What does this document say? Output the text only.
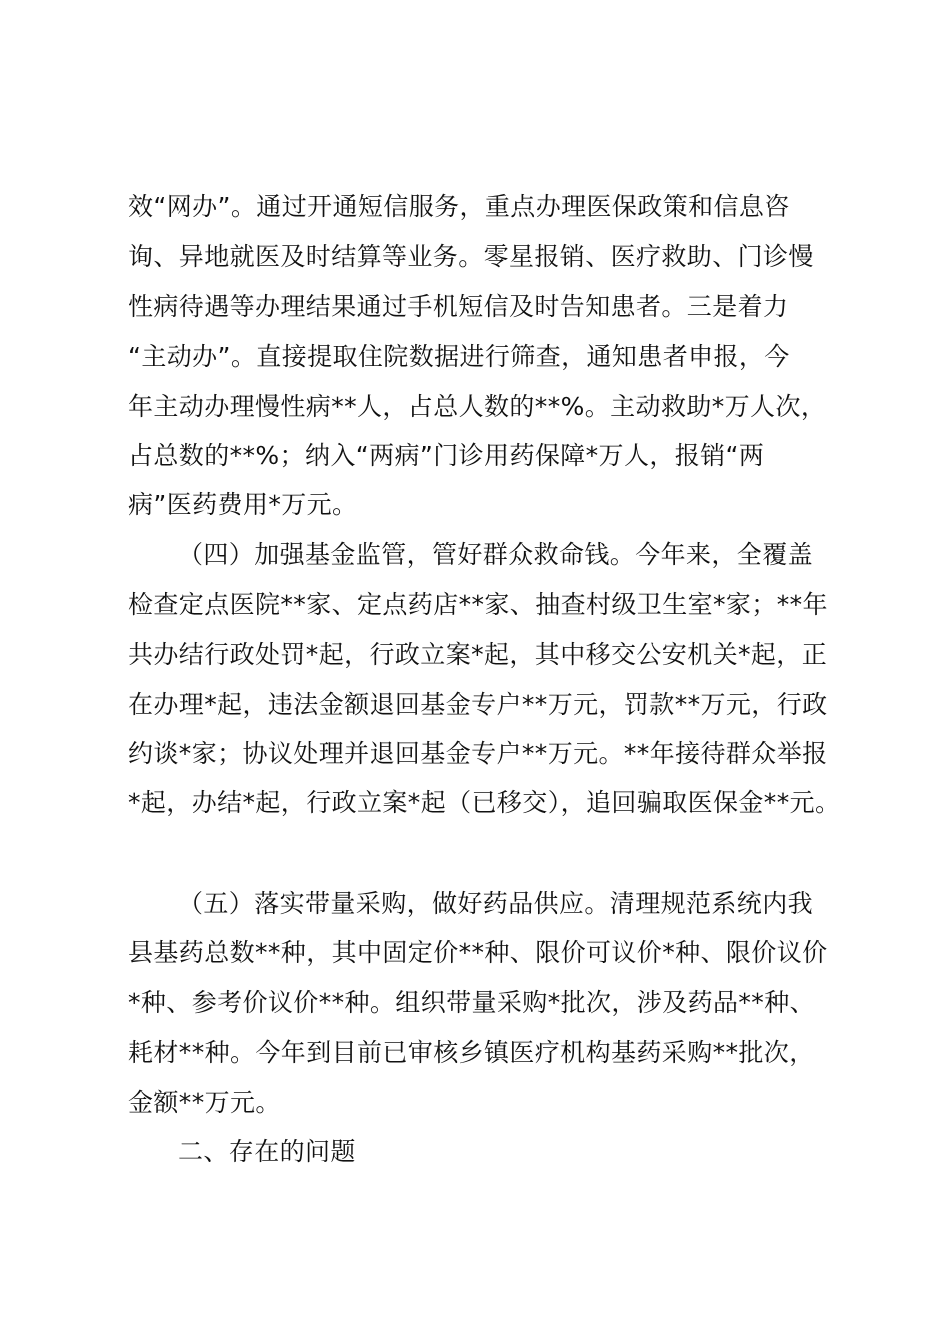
效“网办”。通过开通短信服务，重点办理医保政策和信息咨
询、异地就医及时结算等业务。零星报销、医疗救助、门诊慢
性病待遇等办理结果通过手机短信及时告知患者。三是着力
“主动办”。直接提取住院数据进行筛查，通知患者申报，今
年主动办理慢性病**人，占总人数的**%。主动救助*万人次，
占总数的**%；纳入“两病”门诊用药保障*万人，报销“两
病”医药费用*万元。
（四）加强基金监管，管好群众救命钱。今年来，全覆盖
检查定点医院**家、定点药店**家、抽查村级卫生室*家；**年
共办结行政处罚*起，行政立案*起，其中移交公安机关*起，正
在办理*起，违法金额退回基金专户**万元，罚款**万元，行政
约谈*家；协议处理并退回基金专户**万元。**年接待群众举报
*起，办结*起，行政立案*起（已移交），追回骗取医保金**元。
（五）落实带量采购，做好药品供应。清理规范系统内我
县基药总数**种，其中固定价**种、限价可议价*种、限价议价
*种、参考价议价**种。组织带量采购*批次，涉及药品**种、
耗材**种。今年到目前已审核乡镇医疗机构基药采购**批次，
金额**万元。
二、存在的问题
